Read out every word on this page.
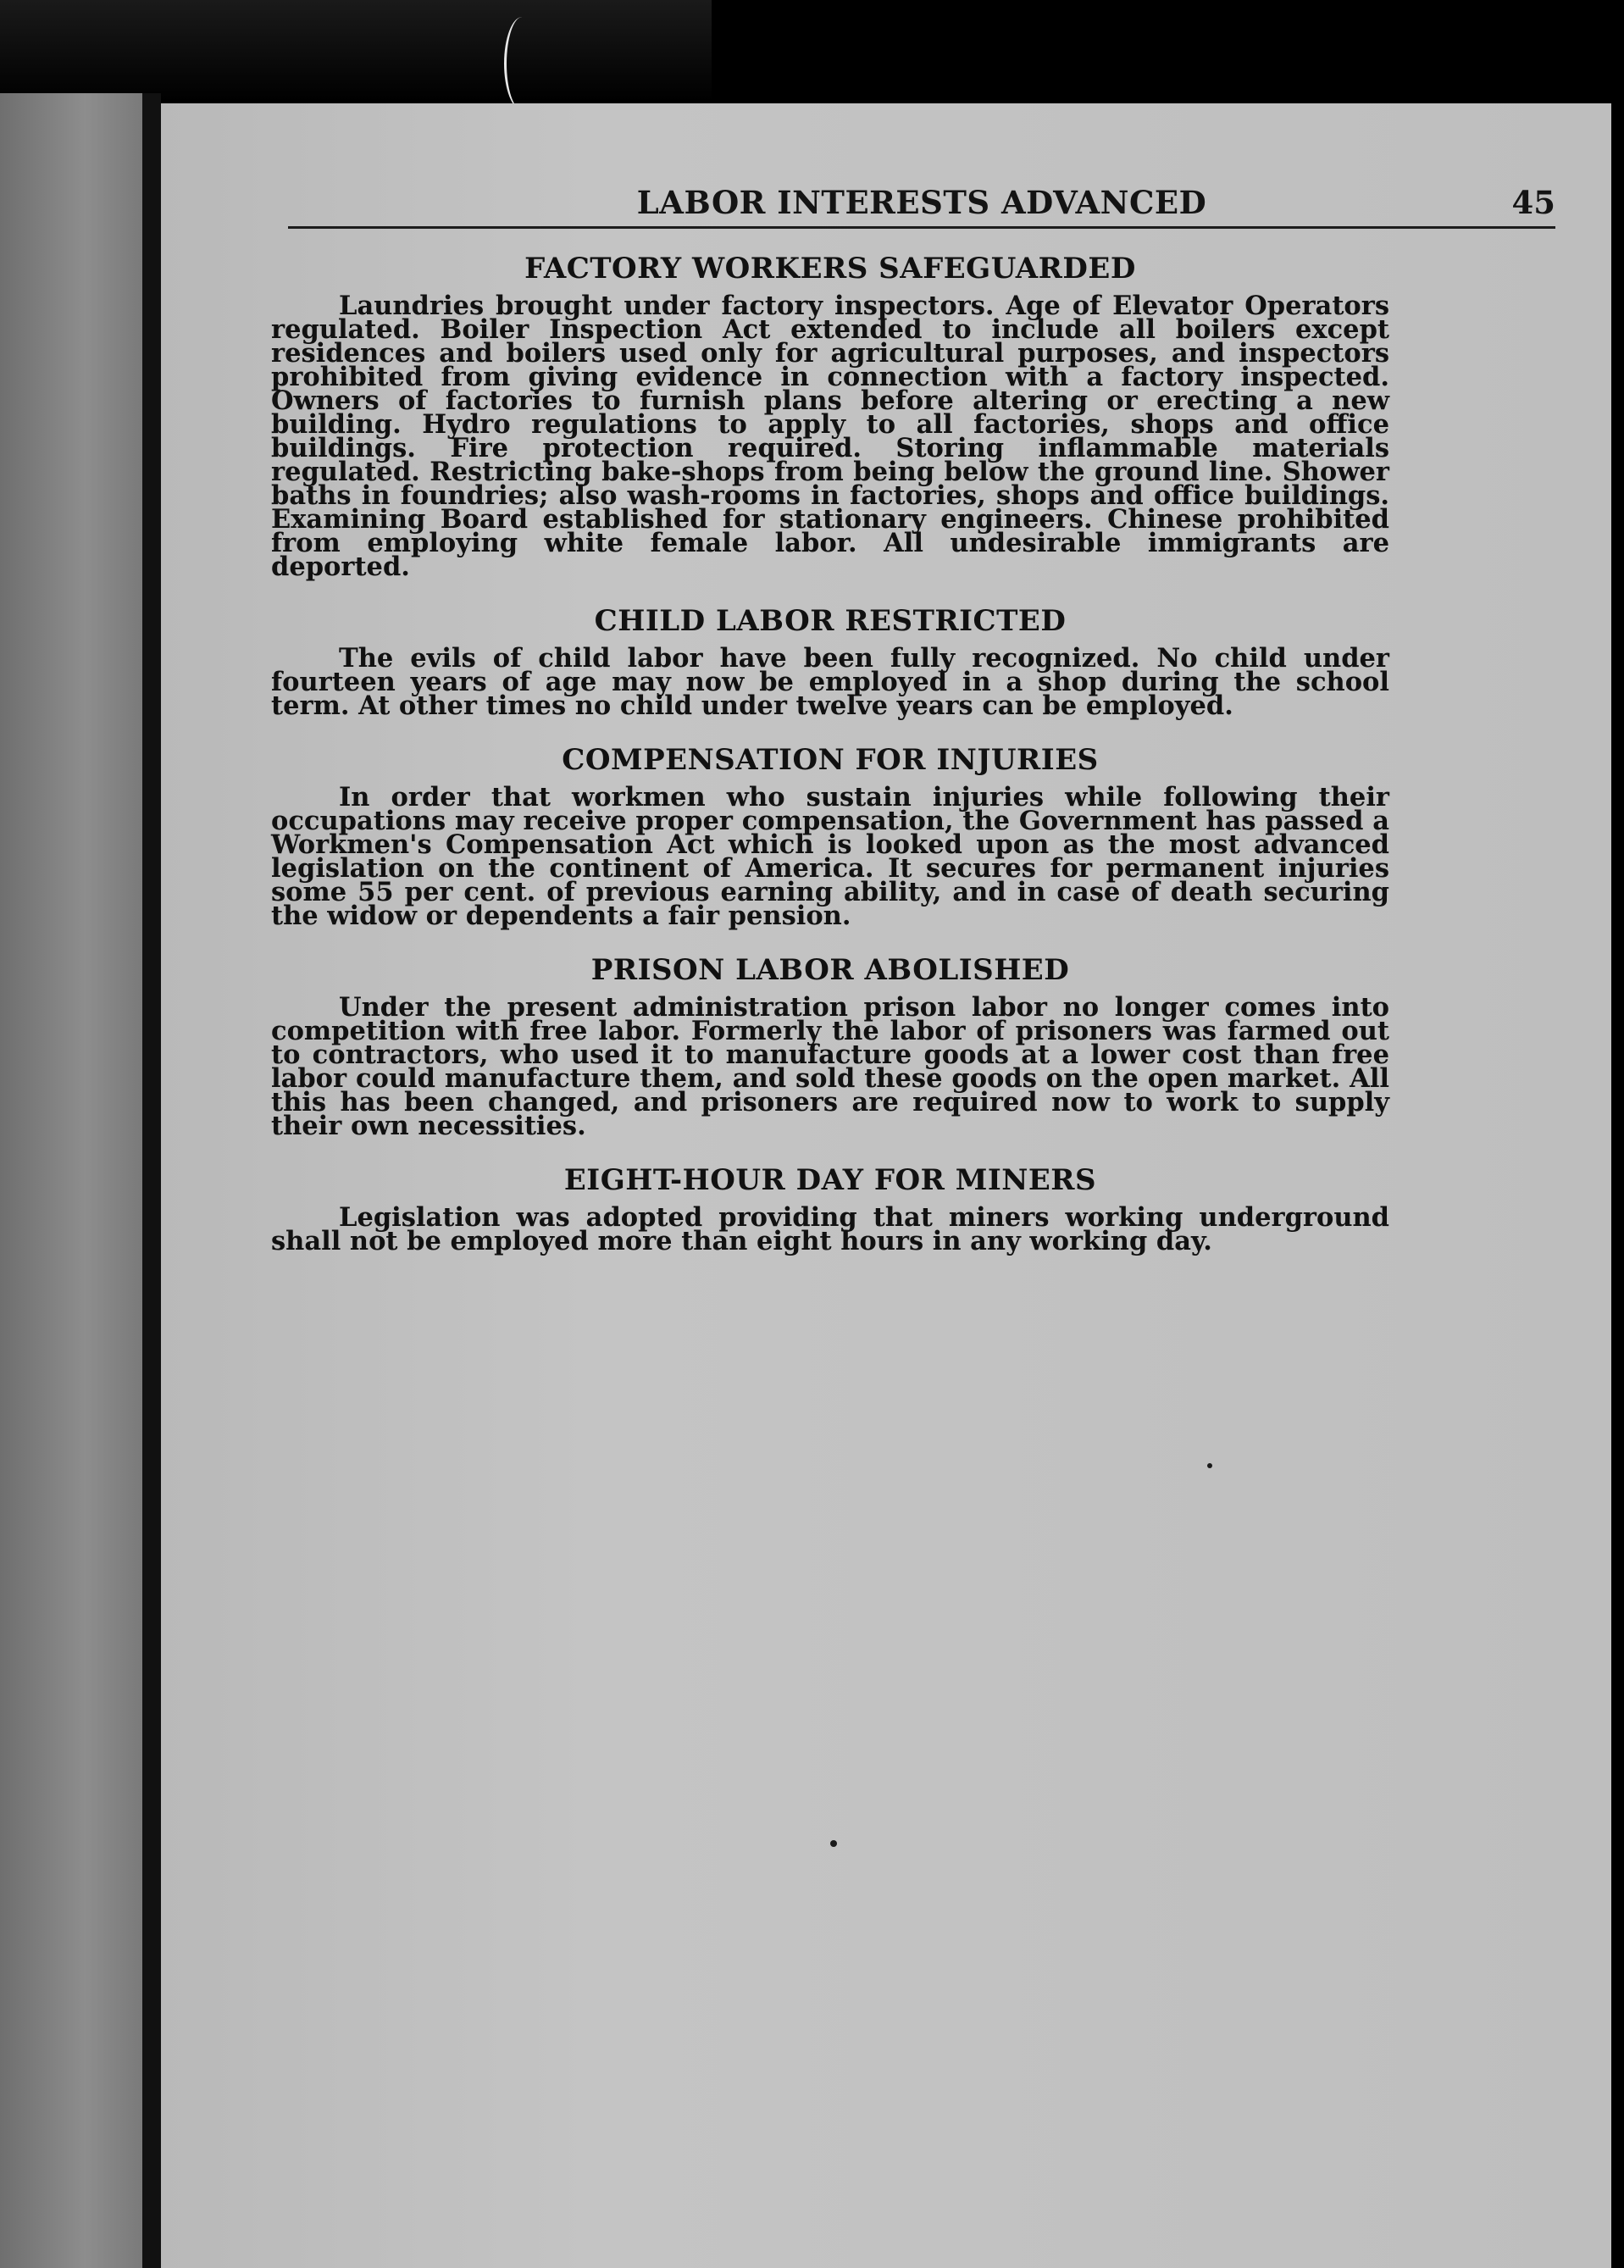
LABOR INTERESTS ADVANCED	45
FACTORY WORKERS SAFEGUARDED

Laundries brought under factory inspectors. Age of Elevator Operators regulated. Boiler Inspection Act extended to include all boilers except residences and boilers used only for agricultural purposes, and inspectors prohibited from giving evidence in connection with a factory inspected. Owners of factories to furnish plans before altering or erecting a new building. Hydro regulations to apply to all factories, shops and office buildings. Fire protection required. Storing inflammable materials regulated. Restricting bake-shops from being below the ground line. Shower baths in foundries; also wash-rooms in factories, shops and office buildings. Examining Board established for stationary engineers. Chinese prohibited from employing white female labor. All undesirable immigrants are deported.

CHILD LABOR RESTRICTED

The evils of child labor have been fully recognized. No child under fourteen years of age may now be employed in a shop during the school term. At other times no child under twelve years can be employed.

COMPENSATION FOR INJURIES

In order that workmen who sustain injuries while following their occupations may receive proper compensation, the Government has passed a Workmen's Compensation Act which is looked upon as the most advanced legislation on the continent of America. It secures for permanent injuries some 55 per cent. of previous earning ability, and in case of death securing the widow or dependents a fair pension.

PRISON LABOR ABOLISHED

Under the present administration prison labor no longer comes into competition with free labor. Formerly the labor of prisoners was farmed out to contractors, who used it to manufacture goods at a lower cost than free labor could manufacture them, and sold these goods on the open market. All this has been changed, and prisoners are required now to work to supply their own necessities.

EIGHT-HOUR DAY FOR MINERS

Legislation was adopted providing that miners working underground shall not be employed more than eight hours in any working day.
